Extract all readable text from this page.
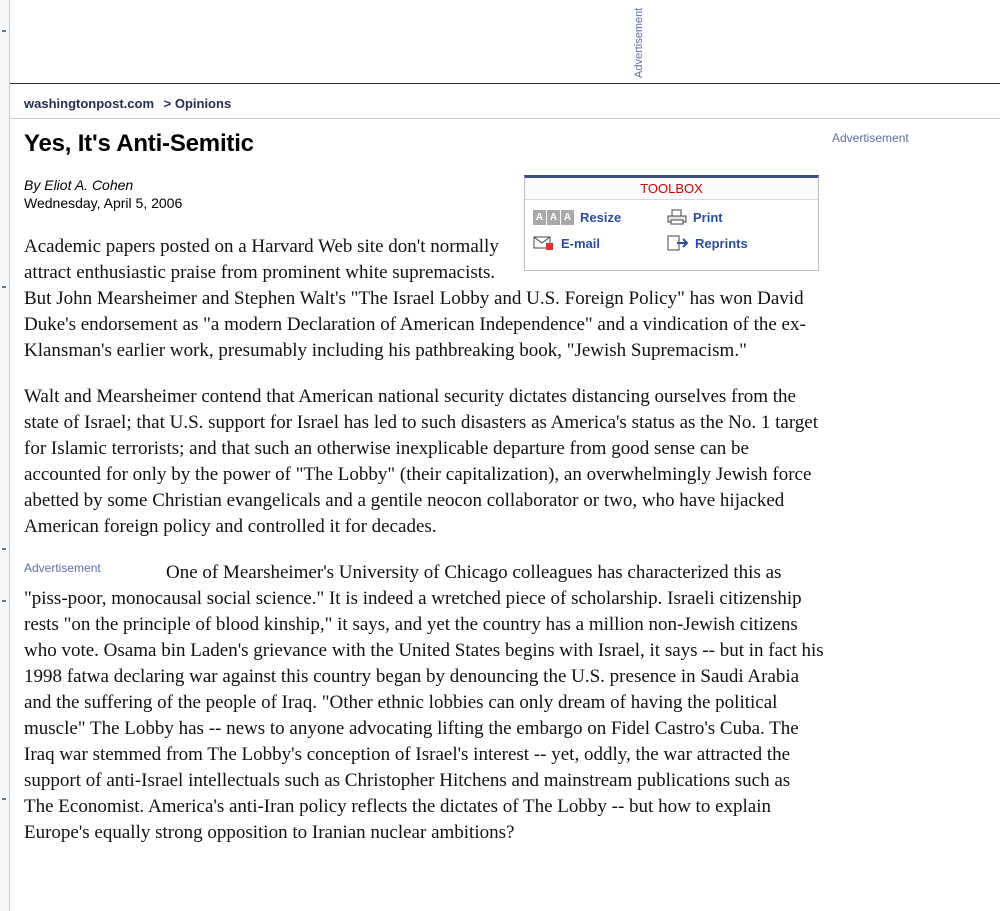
Advertisement
washingtonpost.com > Opinions
Advertisement
Yes, It's Anti-Semitic
By Eliot A. Cohen
Wednesday, April 5, 2006
TOOLBOX
A A A Resize	Print
E-mail	Reprints

Academic papers posted on a Harvard Web site don't normally attract enthusiastic praise from prominent white supremacists. But John Mearsheimer and Stephen Walt's "The Israel Lobby and U.S. Foreign Policy" has won David Duke's endorsement as "a modern Declaration of American Independence" and a vindication of the ex-Klansman's earlier work, presumably including his pathbreaking book, "Jewish Supremacism."

Walt and Mearsheimer contend that American national security dictates distancing ourselves from the state of Israel; that U.S. support for Israel has led to such disasters as America's status as the No. 1 target for Islamic terrorists; and that such an otherwise inexplicable departure from good sense can be accounted for only by the power of "The Lobby" (their capitalization), an overwhelmingly Jewish force abetted by some Christian evangelicals and a gentile neocon collaborator or two, who have hijacked American foreign policy and controlled it for decades.

Advertisement	One of Mearsheimer's University of Chicago colleagues has characterized this as "piss-poor, monocausal social science." It is indeed a wretched piece of scholarship. Israeli citizenship rests "on the principle of blood kinship," it says, and yet the country has a million non-Jewish citizens who vote. Osama bin Laden's grievance with the United States begins with Israel, it says -- but in fact his 1998 fatwa declaring war against this country began by denouncing the U.S. presence in Saudi Arabia and the suffering of the people of Iraq. "Other ethnic lobbies can only dream of having the political muscle" The Lobby has -- news to anyone advocating lifting the embargo on Fidel Castro's Cuba. The Iraq war stemmed from The Lobby's conception of Israel's interest -- yet, oddly, the war attracted the support of anti-Israel intellectuals such as Christopher Hitchens and mainstream publications such as The Economist. America's anti-Iran policy reflects the dictates of The Lobby -- but how to explain Europe's equally strong opposition to Iranian nuclear ambitions?
